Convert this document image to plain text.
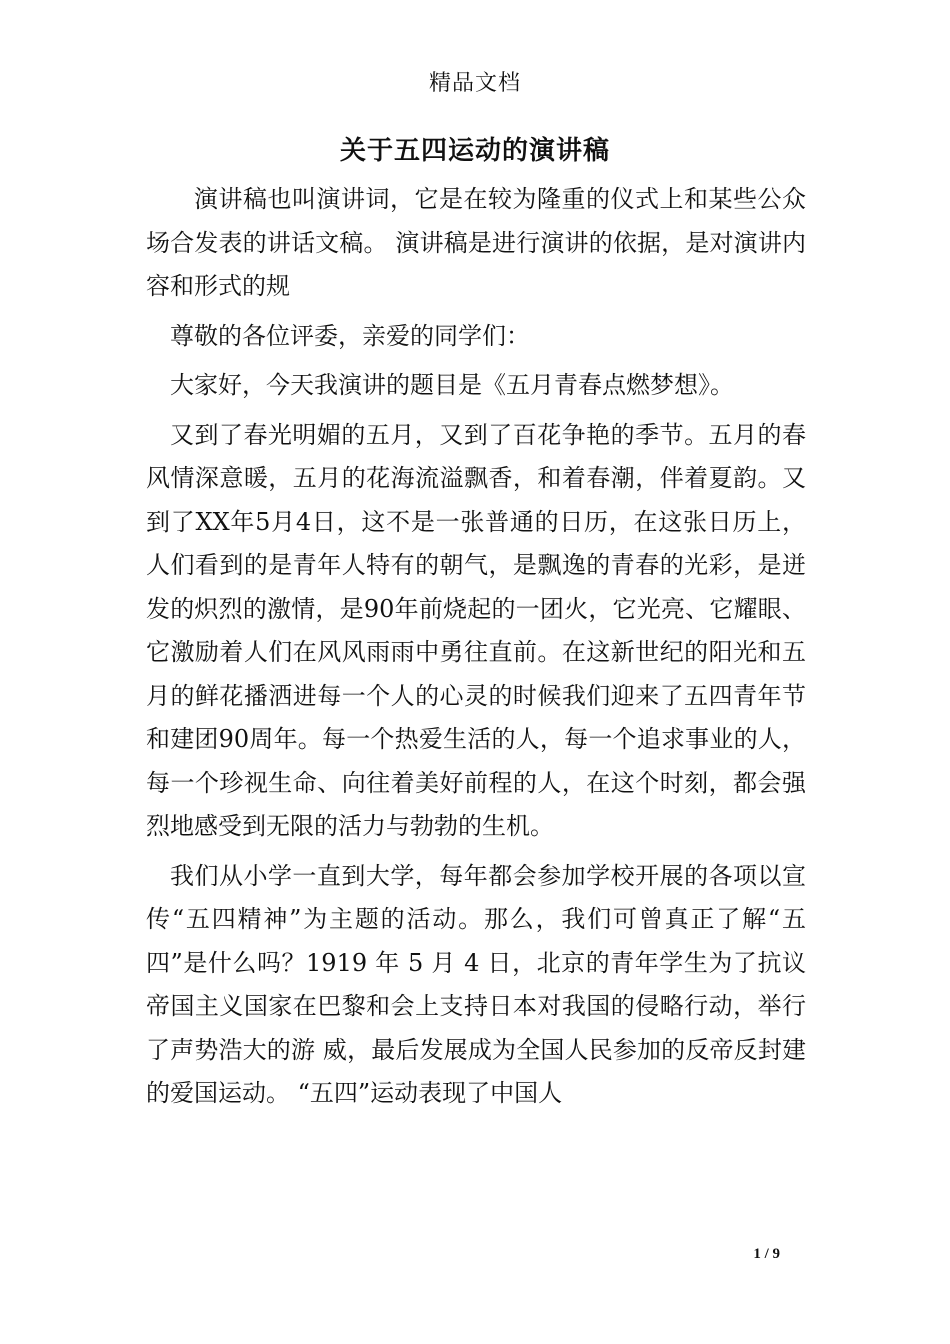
精品文档
关于五四运动的演讲稿

演讲稿也叫演讲词，它是在较为隆重的仪式上和某些公众场合发表的讲话文稿。 演讲稿是进行演讲的依据，是对演讲内容和形式的规

尊敬的各位评委，亲爱的同学们：

大家好，今天我演讲的题目是《五月青春点燃梦想》。

又到了春光明媚的五月，又到了百花争艳的季节。五月的春风情深意暖，五月的花海流溢飘香，和着春潮，伴着夏韵。又到了XX年5月4日，这不是一张普通的日历，在这张日历上，人们看到的是青年人特有的朝气，是飘逸的青春的光彩，是迸发的炽烈的激情，是90年前烧起的一团火，它光亮、它耀眼、它激励着人们在风风雨雨中勇往直前。在这新世纪的阳光和五月的鲜花播洒进每一个人的心灵的时候我们迎来了五四青年节和建团90周年。每一个热爱生活的人，每一个追求事业的人，每一个珍视生命、向往着美好前程的人，在这个时刻，都会强烈地感受到无限的活力与勃勃的生机。

我们从小学一直到大学，每年都会参加学校开展的各项以宣传“五四精神”为主题的活动。那么，我们可曾真正了解“五四”是什么吗？1919 年 5 月 4 日，北京的青年学生为了抗议帝国主义国家在巴黎和会上支持日本对我国的侵略行动，举行了声势浩大的游 威，最后发展成为全国人民参加的反帝反封建的爱国运动。 “五四”运动表现了中国人

1 / 9
